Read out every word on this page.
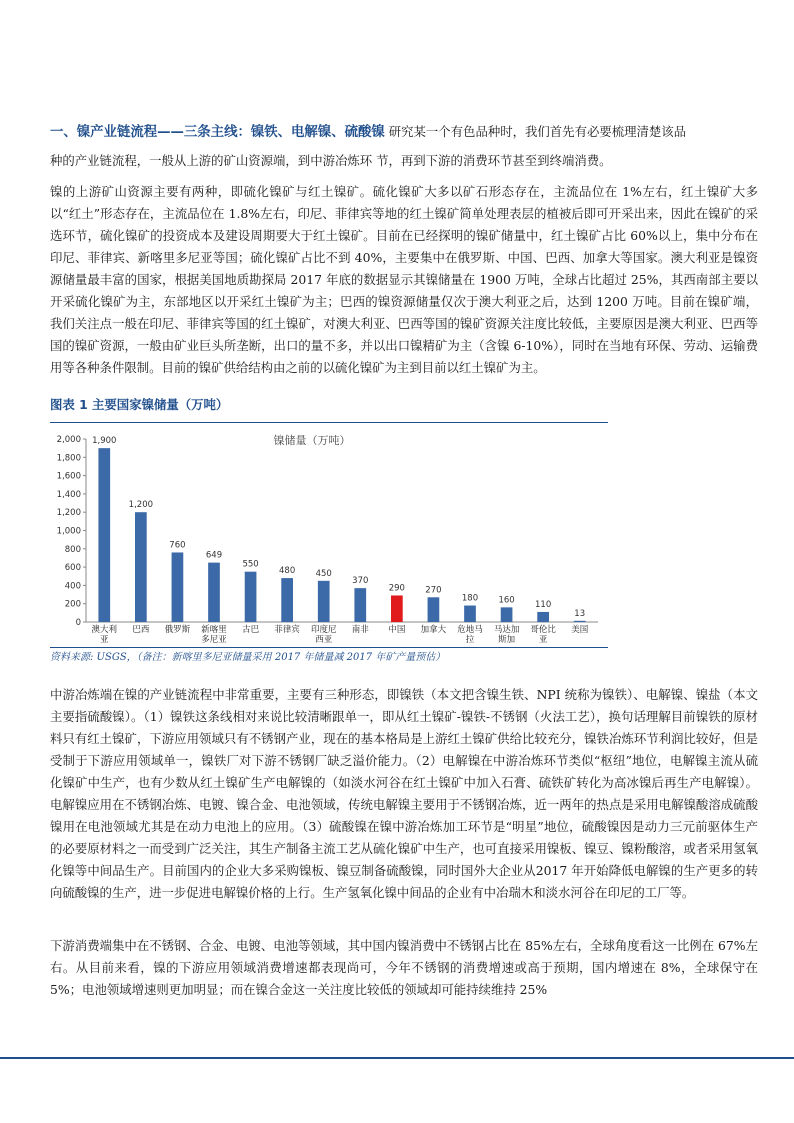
一、镍产业链流程——三条主线：镍铁、电解镍、硫酸镍 研究某一个有色品种时，我们首先有必要梳理清楚该品

种的产业链流程，一般从上游的矿山资源端，到中游冶炼环 节，再到下游的消费环节甚至到终端消费。

镍的上游矿山资源主要有两种，即硫化镍矿与红土镍矿。硫化镍矿大多以矿石形态存在，主流品位在 1%左右，红土镍矿大多以“红土”形态存在，主流品位在 1.8%左右，印尼、菲律宾等地的红土镍矿简单处理表层的植被后即可开采出来，因此在镍矿的采选环节，硫化镍矿的投资成本及建设周期要大于红土镍矿。目前在已经探明的镍矿储量中，红土镍矿占比 60%以上，集中分布在印尼、菲律宾、新喀里多尼亚等国；硫化镍矿占比不到 40%，主要集中在俄罗斯、中国、巴西、加拿大等国家。澳大利亚是镍资源储量最丰富的国家，根据美国地质勘探局 2017 年底的数据显示其镍储量在 1900 万吨，全球占比超过 25%，其西南部主要以开采硫化镍矿为主，东部地区以开采红土镍矿为主；巴西的镍资源储量仅次于澳大利亚之后，达到 1200 万吨。目前在镍矿端，我们关注点一般在印尼、菲律宾等国的红土镍矿，对澳大利亚、巴西等国的镍矿资源关注度比较低，主要原因是澳大利亚、巴西等国的镍矿资源，一般由矿业巨头所垄断，出口的量不多，并以出口镍精矿为主（含镍 6-10%），同时在当地有环保、劳动、运输费用等各种条件限制。目前的镍矿供给结构由之前的以硫化镍矿为主到目前以红土镍矿为主。

图表 1 主要国家镍储量（万吨）
镍储量（万吨）
0
200
400
600
800
1,000
1,200
1,400
1,600
1,800
2,000 1,900
澳大利
亚
1,200
巴西
760
俄罗斯
649
新喀里
多尼亚
550
古巴
480
菲律宾
450
印度尼
西亚
370
南非
290
中国
270
加拿大
180
危地马
拉
160
马达加
斯加
110
哥伦比
亚
13
美国
资料来源: USGS，（备注：新喀里多尼亚储量采用 2017 年储量减 2017 年矿产量预估）

中游冶炼端在镍的产业链流程中非常重要，主要有三种形态，即镍铁（本文把含镍生铁、NPI 统称为镍铁）、电解镍、镍盐（本文主要指硫酸镍）。（1）镍铁这条线相对来说比较清晰跟单一，即从红土镍矿-镍铁-不锈钢（火法工艺），换句话理解目前镍铁的原材料只有红土镍矿，下游应用领域只有不锈钢产业，现在的基本格局是上游红土镍矿供给比较充分，镍铁冶炼环节利润比较好，但是受制于下游应用领域单一，镍铁厂对下游不锈钢厂缺乏溢价能力。（2）电解镍在中游冶炼环节类似“枢纽”地位，电解镍主流从硫化镍矿中生产，也有少数从红土镍矿生产电解镍的（如淡水河谷在红土镍矿中加入石膏、硫铁矿转化为高冰镍后再生产电解镍）。电解镍应用在不锈钢冶炼、电镀、镍合金、电池领域，传统电解镍主要用于不锈钢冶炼，近一两年的热点是采用电解镍酸溶成硫酸镍用在电池领域尤其是在动力电池上的应用。（3）硫酸镍在镍中游冶炼加工环节是“明星”地位，硫酸镍因是动力三元前驱体生产的必要原材料之一而受到广泛关注，其生产制备主流工艺从硫化镍矿中生产，也可直接采用镍板、镍豆、镍粉酸溶，或者采用氢氧化镍等中间品生产。目前国内的企业大多采购镍板、镍豆制备硫酸镍，同时国外大企业从2017 年开始降低电解镍的生产更多的转向硫酸镍的生产，进一步促进电解镍价格的上行。生产氢氧化镍中间品的企业有中冶瑞木和淡水河谷在印尼的工厂等。

下游消费端集中在不锈钢、合金、电镀、电池等领域，其中国内镍消费中不锈钢占比在 85%左右，全球角度看这一比例在 67%左右。从目前来看，镍的下游应用领域消费增速都表现尚可，今年不锈钢的消费增速或高于预期，国内增速在 8%，全球保守在 5%；电池领域增速则更加明显；而在镍合金这一关注度比较低的领域却可能持续维持 25%
